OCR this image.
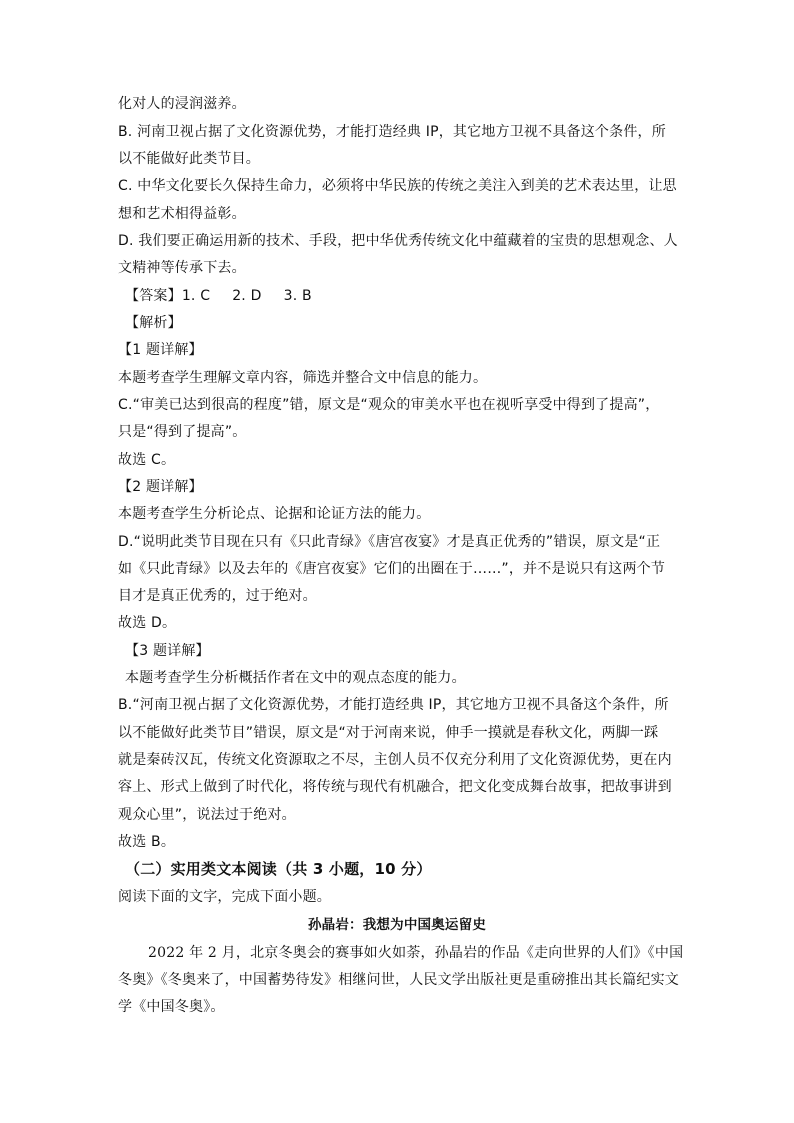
化对人的浸润滋养。
B. 河南卫视占据了文化资源优势，才能打造经典 IP，其它地方卫视不具备这个条件，所
以不能做好此类节目。
C. 中华文化要长久保持生命力，必须将中华民族的传统之美注入到美的艺术表达里，让思
想和艺术相得益彰。
D. 我们要正确运用新的技术、手段，把中华优秀传统文化中蕴藏着的宝贵的思想观念、人
文精神等传承下去。
【答案】1. C 2. D 3. B
【解析】
【1 题详解】
本题考查学生理解文章内容，筛选并整合文中信息的能力。
C.“审美已达到很高的程度”错，原文是“观众的审美水平也在视听享受中得到了提高”，
只是“得到了提高”。
故选 C。
【2 题详解】
本题考查学生分析论点、论据和论证方法的能力。
D.“说明此类节目现在只有《只此青绿》《唐宫夜宴》才是真正优秀的”错误，原文是“正
如《只此青绿》以及去年的《唐宫夜宴》它们的出圈在于……”，并不是说只有这两个节
目才是真正优秀的，过于绝对。
故选 D。
【3 题详解】
本题考查学生分析概括作者在文中的观点态度的能力。
B.“河南卫视占据了文化资源优势，才能打造经典 IP，其它地方卫视不具备这个条件，所
以不能做好此类节目”错误，原文是“对于河南来说，伸手一摸就是春秋文化，两脚一踩
就是秦砖汉瓦，传统文化资源取之不尽，主创人员不仅充分利用了文化资源优势，更在内
容上、形式上做到了时代化，将传统与现代有机融合，把文化变成舞台故事，把故事讲到
观众心里”，说法过于绝对。
故选 B。
（二）实用类文本阅读（共 3 小题，10 分）
阅读下面的文字，完成下面小题。
孙晶岩：我想为中国奥运留史
2022 年 2 月，北京冬奥会的赛事如火如荼，孙晶岩的作品《走向世界的人们》《中国
冬奥》《冬奥来了，中国蓄势待发》相继问世，人民文学出版社更是重磅推出其长篇纪实文
学《中国冬奥》。
